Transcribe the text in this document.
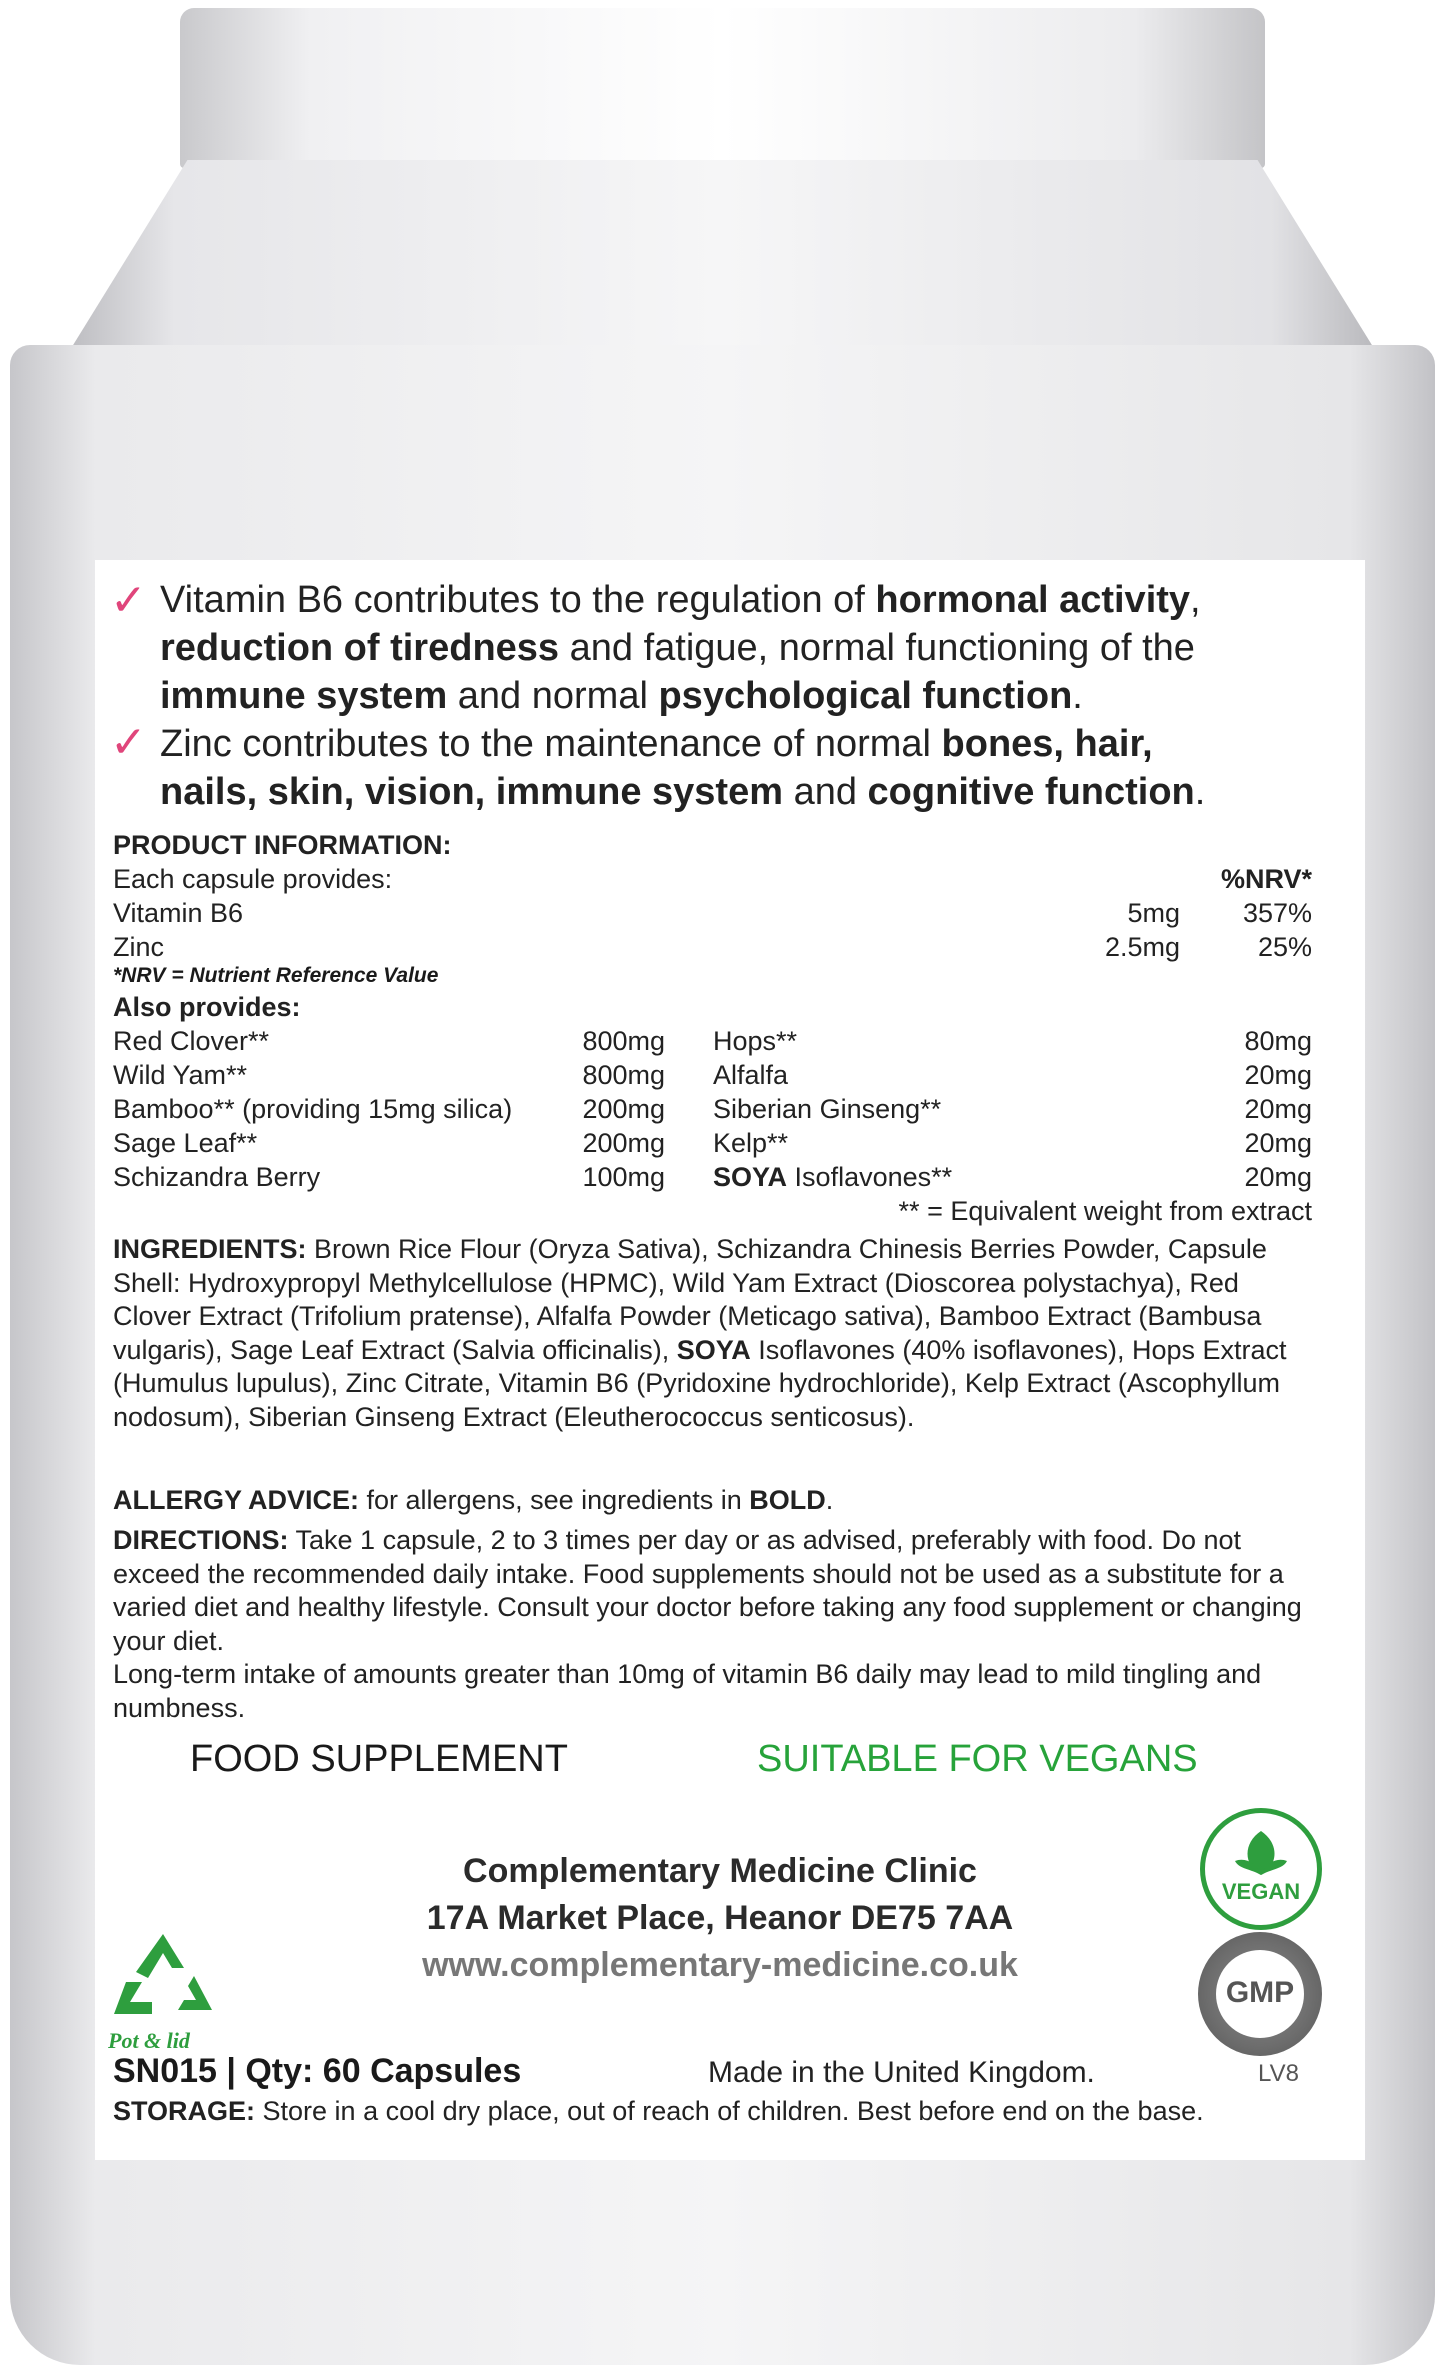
✓ Vitamin B6 contributes to the regulation of hormonal activity,
reduction of tiredness and fatigue, normal functioning of the
immune system and normal psychological function.
✓ Zinc contributes to the maintenance of normal bones, hair,
nails, skin, vision, immune system and cognitive function.
PRODUCT INFORMATION:
Each capsule provides:	%NRV*
Vitamin B6	5mg	357%
Zinc	2.5mg	25%
*NRV = Nutrient Reference Value
Also provides:
Red Clover**	800mg
Wild Yam**	800mg
Bamboo** (providing 15mg silica)	200mg
Sage Leaf**	200mg
Schizandra Berry	100mg
Hops**	80mg
Alfalfa	20mg
Siberian Ginseng**	20mg
Kelp**	20mg
SOYA Isoflavones**	20mg
** = Equivalent weight from extract
INGREDIENTS: Brown Rice Flour (Oryza Sativa), Schizandra Chinesis Berries Powder, Capsule Shell: Hydroxypropyl Methylcellulose (HPMC), Wild Yam Extract (Dioscorea polystachya), Red Clover Extract (Trifolium pratense), Alfalfa Powder (Meticago sativa), Bamboo Extract (Bambusa vulgaris), Sage Leaf Extract (Salvia officinalis), SOYA Isoflavones (40% isoflavones), Hops Extract (Humulus lupulus), Zinc Citrate, Vitamin B6 (Pyridoxine hydrochloride), Kelp Extract (Ascophyllum nodosum), Siberian Ginseng Extract (Eleutherococcus senticosus).
ALLERGY ADVICE: for allergens, see ingredients in BOLD.
DIRECTIONS: Take 1 capsule, 2 to 3 times per day or as advised, preferably with food. Do not exceed the recommended daily intake. Food supplements should not be used as a substitute for a varied diet and healthy lifestyle. Consult your doctor before taking any food supplement or changing your diet.
Long-term intake of amounts greater than 10mg of vitamin B6 daily may lead to mild tingling and numbness.
FOOD SUPPLEMENT	SUITABLE FOR VEGANS
Complementary Medicine Clinic
17A Market Place, Heanor DE75 7AA
www.complementary-medicine.co.uk
VEGAN
GMP
Pot & lid
SN015 | Qty: 60 Capsules	Made in the United Kingdom.	LV8
STORAGE: Store in a cool dry place, out of reach of children. Best before end on the base.
